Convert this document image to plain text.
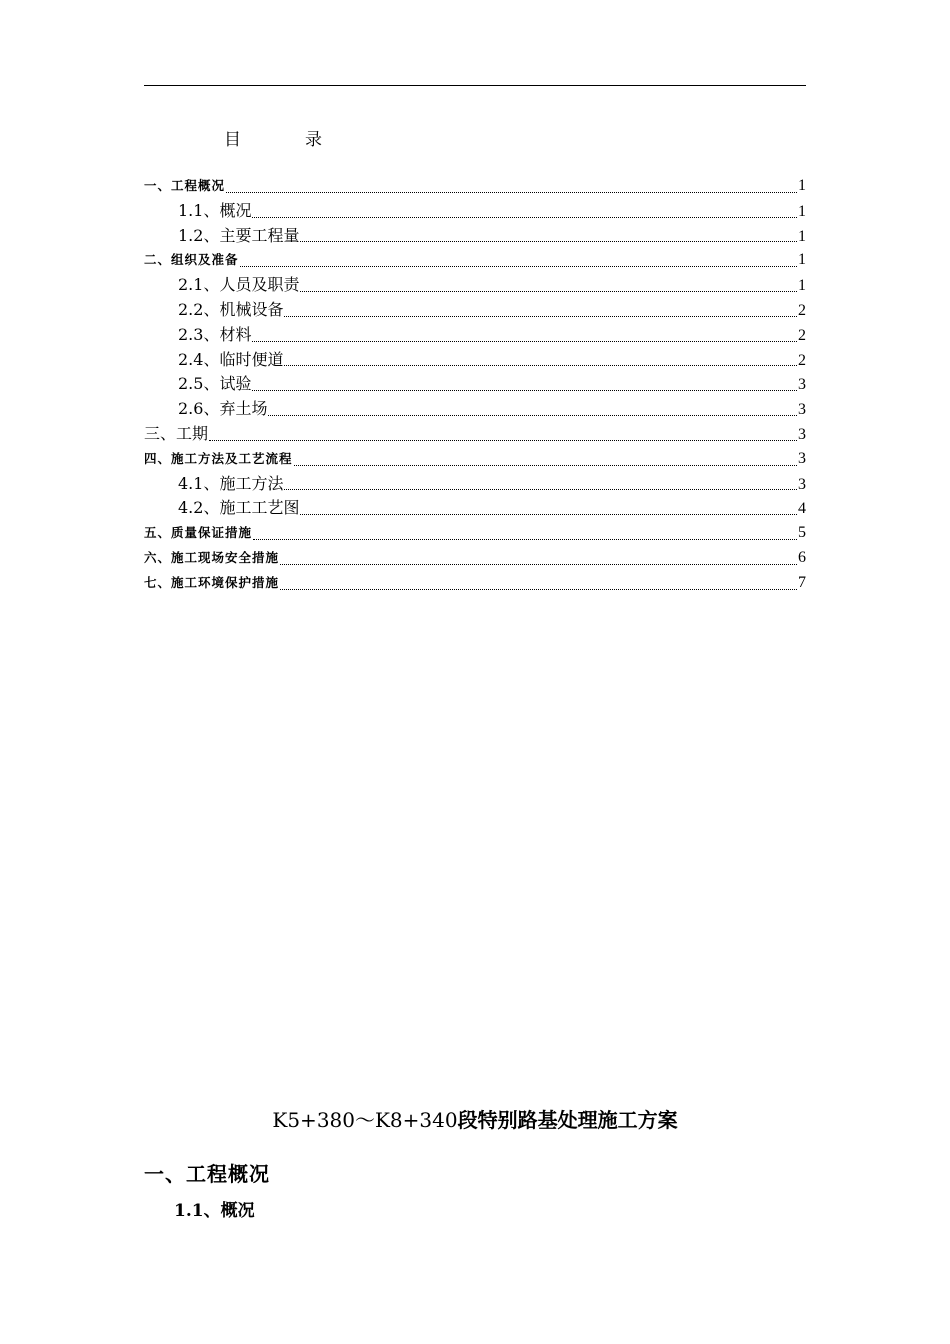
目录
一、工程概况	1
1.1、概况	1
1.2、主要工程量	1
二、组织及准备	1
2.1、人员及职责	1
2.2、机械设备	2
2.3、材料	2
2.4、临时便道	2
2.5、试验	3
2.6、弃土场	3
三、工期	3
四、施工方法及工艺流程	3
4.1、施工方法	3
4.2、施工工艺图	4
五、质量保证措施	5
六、施工现场安全措施	6
七、施工环境保护措施	7
K5+380～K8+340段特别路基处理施工方案
一、工程概况
1.1、概况
